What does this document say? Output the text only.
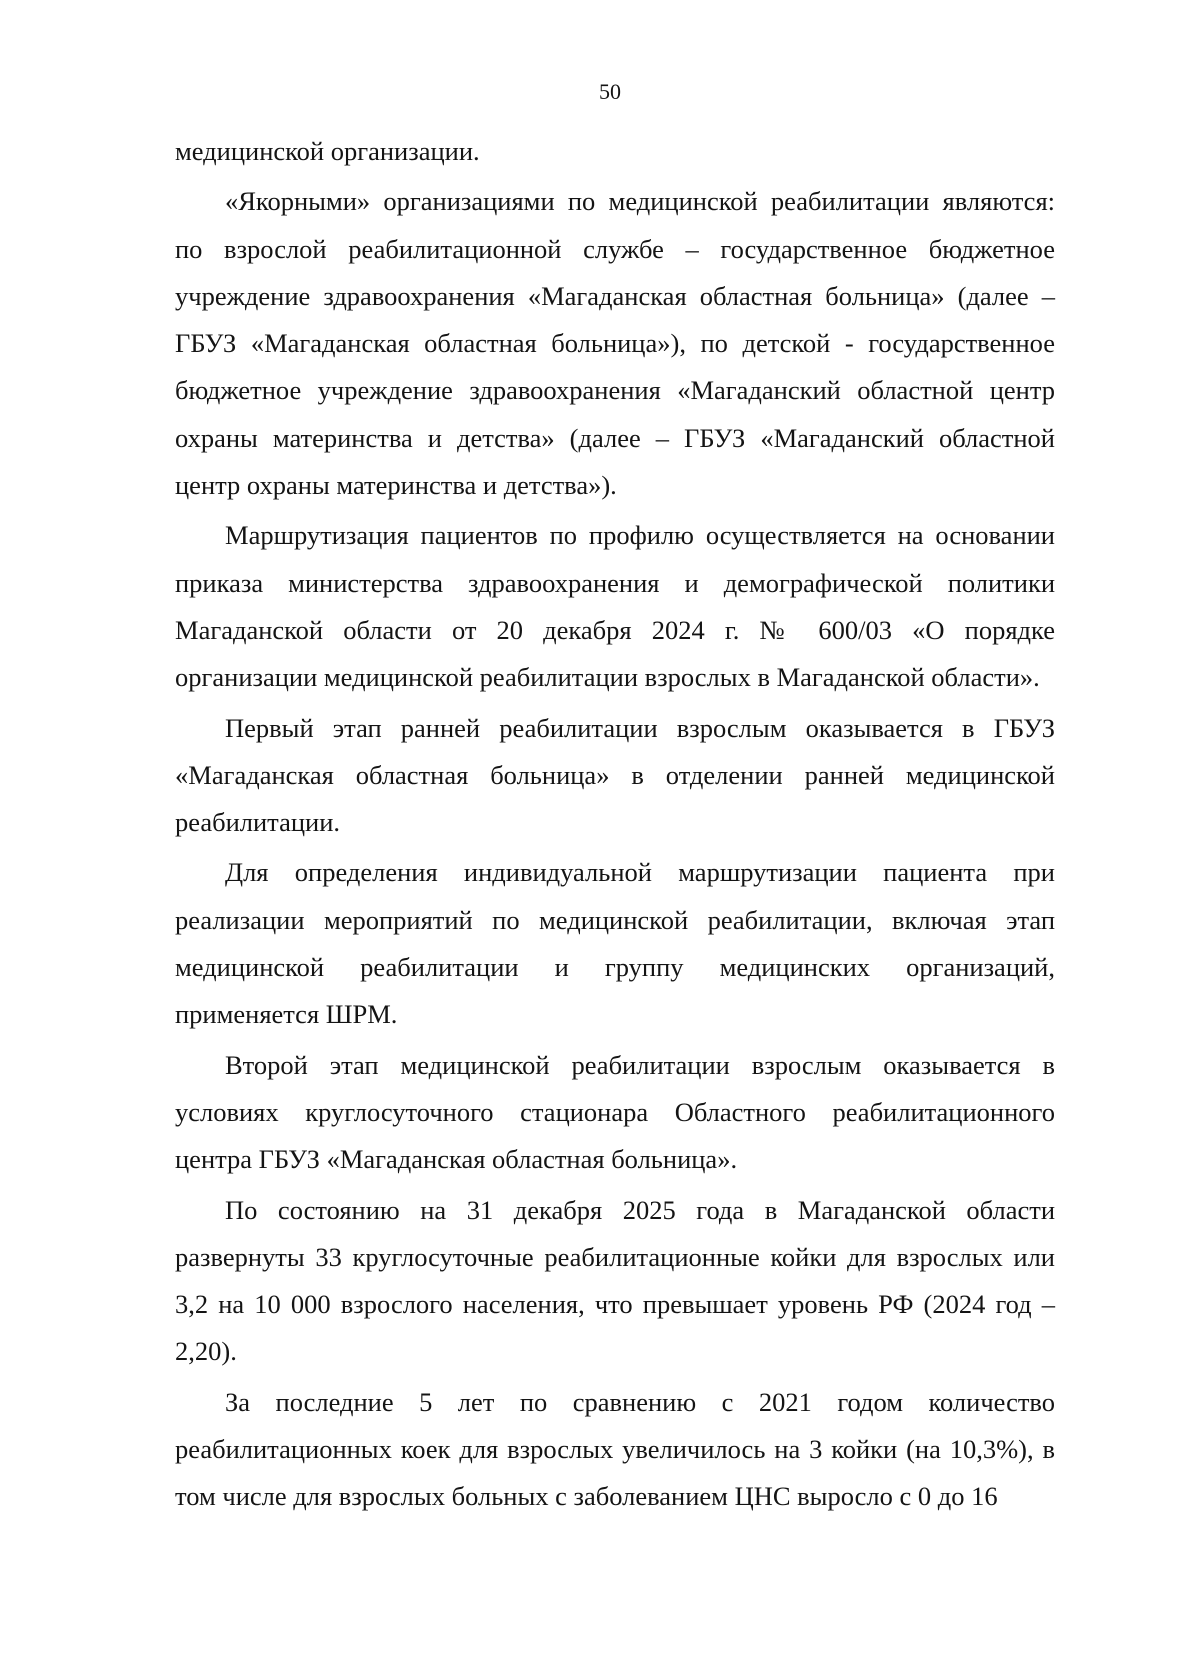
50

медицинской организации.

«Якорными» организациями по медицинской реабилитации являются: по взрослой реабилитационной службе – государственное бюджетное учреждение здравоохранения «Магаданская областная больница» (далее – ГБУЗ «Магаданская областная больница»), по детской - государственное бюджетное учреждение здравоохранения «Магаданский областной центр охраны материнства и детства» (далее – ГБУЗ «Магаданский областной центр охраны материнства и детства»).

Маршрутизация пациентов по профилю осуществляется на основании приказа министерства здравоохранения и демографической политики Магаданской области от 20 декабря 2024 г. № 600/03 «О порядке организации медицинской реабилитации взрослых в Магаданской области».

Первый этап ранней реабилитации взрослым оказывается в ГБУЗ «Магаданская областная больница» в отделении ранней медицинской реабилитации.

Для определения индивидуальной маршрутизации пациента при реализации мероприятий по медицинской реабилитации, включая этап медицинской реабилитации и группу медицинских организаций, применяется ШРМ.

Второй этап медицинской реабилитации взрослым оказывается в условиях круглосуточного стационара Областного реабилитационного центра ГБУЗ «Магаданская областная больница».

По состоянию на 31 декабря 2025 года в Магаданской области развернуты 33 круглосуточные реабилитационные койки для взрослых или 3,2 на 10 000 взрослого населения, что превышает уровень РФ (2024 год – 2,20).

За последние 5 лет по сравнению с 2021 годом количество реабилитационных коек для взрослых увеличилось на 3 койки (на 10,3%), в том числе для взрослых больных с заболеванием ЦНС выросло с 0 до 16
